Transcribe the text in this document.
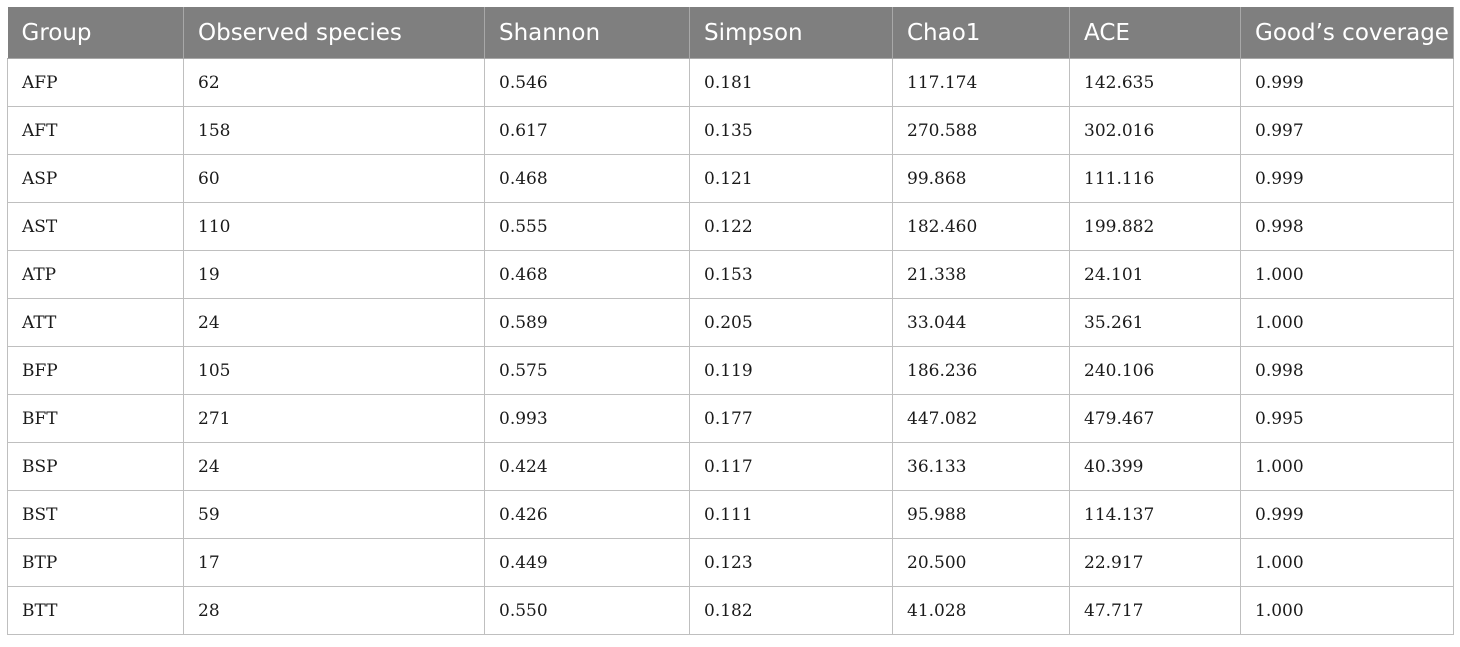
Group	Observed species	Shannon	Simpson	Chao1	ACE	Good’s coverage
AFP	62	0.546	0.181	117.174	142.635	0.999
AFT	158	0.617	0.135	270.588	302.016	0.997
ASP	60	0.468	0.121	99.868	111.116	0.999
AST	110	0.555	0.122	182.460	199.882	0.998
ATP	19	0.468	0.153	21.338	24.101	1.000
ATT	24	0.589	0.205	33.044	35.261	1.000
BFP	105	0.575	0.119	186.236	240.106	0.998
BFT	271	0.993	0.177	447.082	479.467	0.995
BSP	24	0.424	0.117	36.133	40.399	1.000
BST	59	0.426	0.111	95.988	114.137	0.999
BTP	17	0.449	0.123	20.500	22.917	1.000
BTT	28	0.550	0.182	41.028	47.717	1.000
